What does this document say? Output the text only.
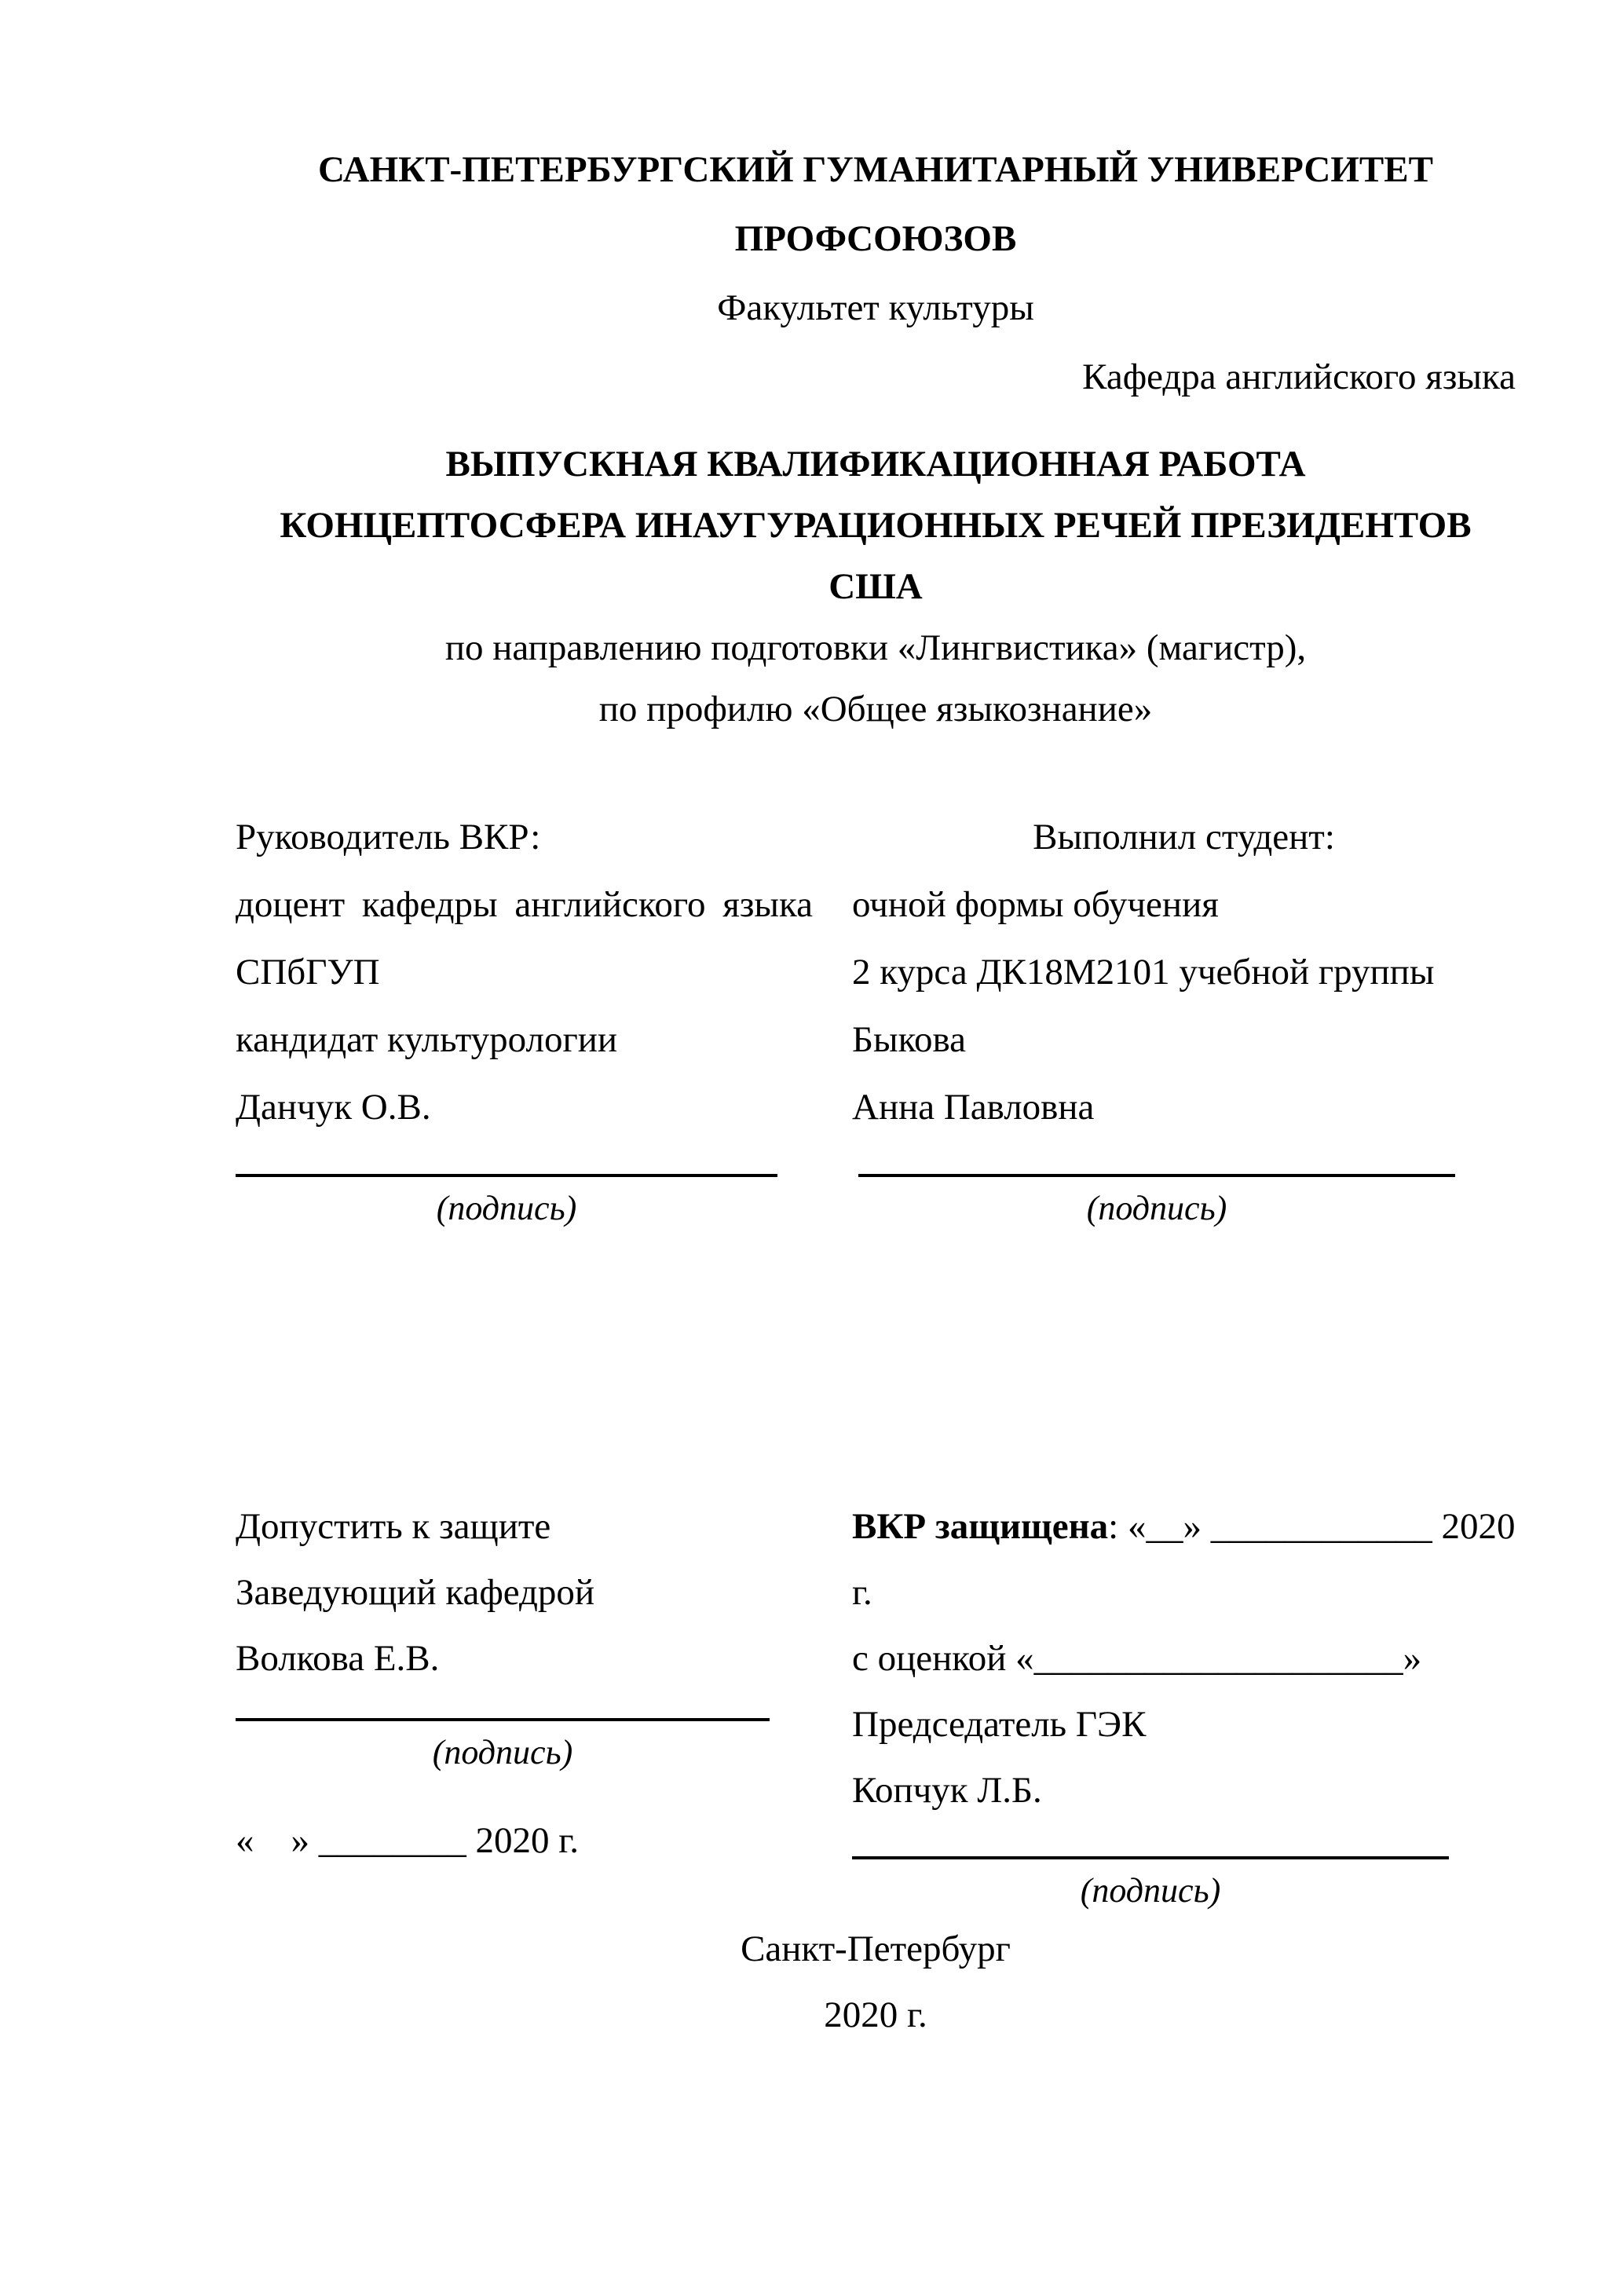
САНКТ-ПЕТЕРБУРГСКИЙ ГУМАНИТАРНЫЙ УНИВЕРСИТЕТ ПРОФСОЮЗОВ
Факультет культуры
Кафедра английского языка
ВЫПУСКНАЯ КВАЛИФИКАЦИОННАЯ РАБОТА
КОНЦЕПТОСФЕРА ИНАУГУРАЦИОННЫХ РЕЧЕЙ ПРЕЗИДЕНТОВ США
по направлению подготовки «Лингвистика» (магистр),
по профилю «Общее языкознание»
Руководитель ВКР:
доцент кафедры английского языка
СПбГУП
кандидат культурологии
Данчук О.В.
(подпись)
Выполнил студент:
очной формы обучения
2 курса ДК18М2101 учебной группы
Быкова
Анна Павловна
(подпись)
Допустить к защите
Заведующий кафедрой
Волкова Е.В.
(подпись)
«    » ________ 2020 г.
ВКР защищена: «__» ____________ 2020 г.
с оценкой «____________________»
Председатель ГЭК
Копчук Л.Б.
(подпись)
Санкт-Петербург
2020 г.
